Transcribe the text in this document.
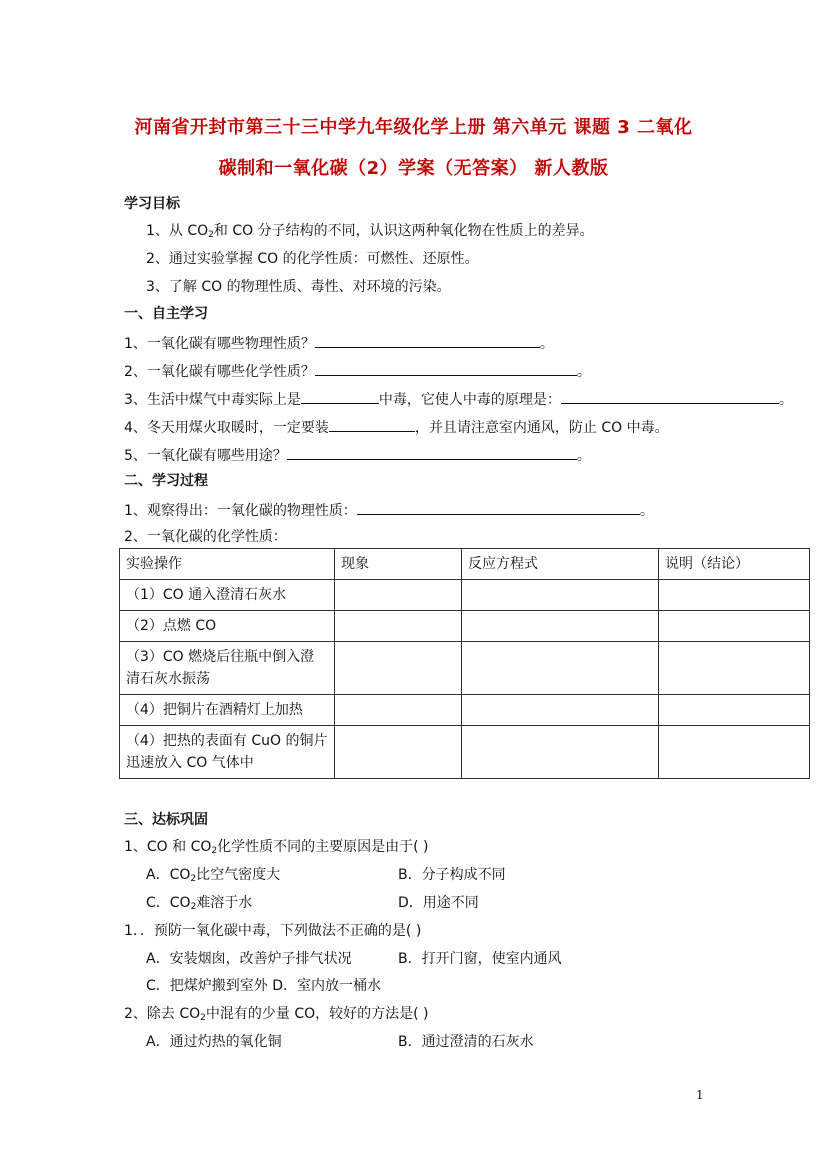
河南省开封市第三十三中学九年级化学上册 第六单元 课题 3 二氧化
碳制和一氧化碳（2）学案（无答案） 新人教版
学习目标
1、从 $CO_2$和 CO 分子结构的不同，认识这两种氧化物在性质上的差异。
2、通过实验掌握 CO 的化学性质：可燃性、还原性。
3、了解 CO 的物理性质、毒性、对环境的污染。
一、自主学习
1、一氧化碳有哪些物理性质？	。
2、一氧化碳有哪些化学性质？	。
3、生活中煤气中毒实际上是	中毒，它使人中毒的原理是：	。
4、冬天用煤火取暖时，一定要装	，并且请注意室内通风，防止 CO 中毒。
5、一氧化碳有哪些用途？	。
二、学习过程
1、观察得出：一氧化碳的物理性质：	。
2、一氧化碳的化学性质：
实验操作	现象	反应方程式	说明（结论）
（1）CO 通入澄清石灰水			
（2）点燃 CO			
（3）CO 燃烧后往瓶中倒入澄清石灰水振荡			
（4）把铜片在酒精灯上加热			
（4）把热的表面有 CuO 的铜片迅速放入 CO 气体中			
三、达标巩固
1、CO 和 $CO_2$化学性质不同的主要原因是由于( )
A．$CO_2$比空气密度大	B．分子构成不同
C．$CO_2$难溶于水	D．用途不同
1．．预防一氧化碳中毒，下列做法不正确的是( )
A．安装烟囱，改善炉子排气状况	B．打开门窗，使室内通风
C．把煤炉搬到室外 D．室内放一桶水
2、除去 $CO_2$中混有的少量 CO，较好的方法是( )
A．通过灼热的氧化铜	B．通过澄清的石灰水
1
